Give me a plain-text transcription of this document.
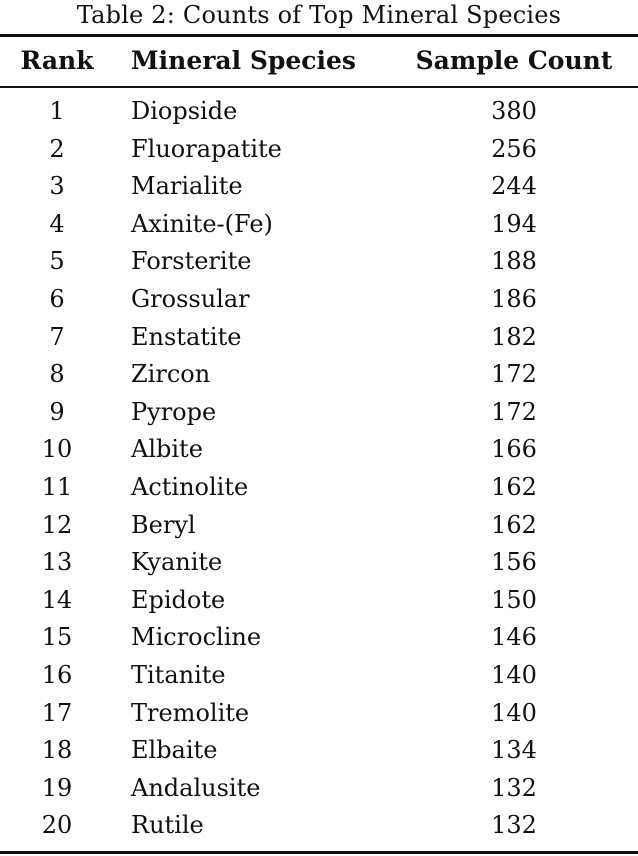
Table 2: Counts of Top Mineral Species
Rank	Mineral Species	Sample Count
1	Diopside	380
2	Fluorapatite	256
3	Marialite	244
4	Axinite-(Fe)	194
5	Forsterite	188
6	Grossular	186
7	Enstatite	182
8	Zircon	172
9	Pyrope	172
10	Albite	166
11	Actinolite	162
12	Beryl	162
13	Kyanite	156
14	Epidote	150
15	Microcline	146
16	Titanite	140
17	Tremolite	140
18	Elbaite	134
19	Andalusite	132
20	Rutile	132
